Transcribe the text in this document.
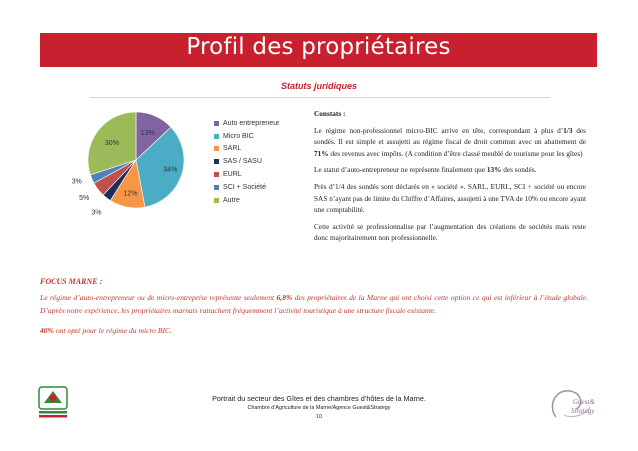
Profil des propriétaires
Statuts juridiques
13%
34%
12%
3%
5%
3%
30%
Auto entrepreneur
Micro BIC
SARL
SAS / SASU
EURL
SCI + Société
Autre

Constats :

Le régime non-professionnel micro-BIC arrive en tête, correspondant à plus d’1/3 des sondés. Il est simple et assujetti au régime fiscal de droit commun avec un abattement de 71% des revenus avec impôts. (A condition d’être classé meublé de tourisme pour les gîtes)

Le statut d’auto-entrepreneur ne représente finalement que 13% des sondés.

Près d’1/4 des sondés sont déclarés en « société ». SARL, EURL, SCI + société ou encore SAS n’ayant pas de limite du Chiffre d’Affaires, assujetti à une TVA de 10% ou encore ayant une comptabilité.

Cette activité se professionnalise par l’augmentation des créations de sociétés mais reste donc majoritairement non professionnelle.

FOCUS MARNE :

Le régime d’auto-entrepreneur ou de micro-entreprise représente seulement 6,8% des propriétaires de la Marne qui ont choisi cette option ce qui est inférieur à l’étude globale. D’après notre expérience, les propriétaires marnais rattachent fréquemment l’activité touristique à une structure fiscale existante.

40% ont opté pour le régime du micro BIC.

Guest&
Strategy
Portrait du secteur des Gîtes et des chambres d’hôtes de la Marne.
Chambre d’Agriculture de la Marne/Agence Guest&Strategy
10
